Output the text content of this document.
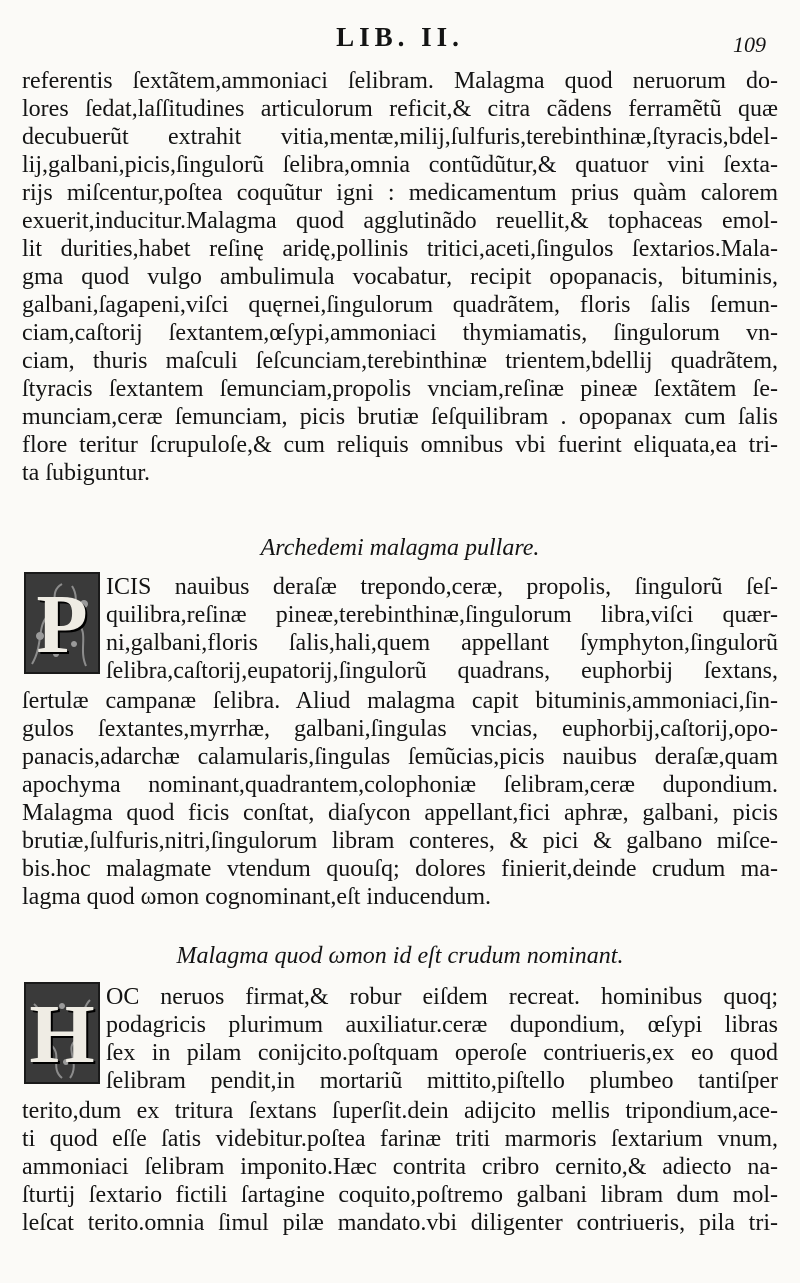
LIB. II.	109

referentis ſextãtem,ammoniaci ſelibram. Malagma quod neruorum do-

lores ſedat,laſſitudines articulorum reficit,& citra cãdens ferramẽtũ quæ

decubuerũt extrahit vitia,mentæ,milij,ſulfuris,terebinthinæ,ſtyracis,bdel-

lij,galbani,picis,ſingulorũ ſelibra,omnia contũdũtur,& quatuor vini ſexta-

rijs miſcentur,poſtea coquũtur igni : medicamentum prius quàm calorem

exuerit,inducitur.Malagma quod agglutinãdo reuellit,& tophaceas emol-

lit durities,habet reſinę aridę,pollinis tritici,aceti,ſingulos ſextarios.Mala-

gma quod vulgo ambulimula vocabatur, recipit opopanacis, bituminis,

galbani,ſagapeni,viſci quęrnei,ſingulorum quadrãtem, floris ſalis ſemun-

ciam,caſtorij ſextantem,œſypi,ammoniaci thymiamatis, ſingulorum vn-

ciam, thuris maſculi ſeſcunciam,terebinthinæ trientem,bdellij quadrãtem,

ſtyracis ſextantem ſemunciam,propolis vnciam,reſinæ pineæ ſextãtem ſe-

munciam,ceræ ſemunciam, picis brutiæ ſeſquilibram . opopanax cum ſalis

flore teritur ſcrupuloſe,& cum reliquis omnibus vbi fuerint eliquata,ea tri-

ta ſubiguntur.

Archedemi malagma pullare.
P ICIS nauibus deraſæ trepondo,ceræ, propolis, ſingulorũ ſeſ-

quilibra,reſinæ pineæ,terebinthinæ,ſingulorum libra,viſci quær-

ni,galbani,floris ſalis,hali,quem appellant ſymphyton,ſingulorũ

ſelibra,caſtorij,eupatorij,ſingulorũ quadrans, euphorbij ſextans,

ſertulæ campanæ ſelibra. Aliud malagma capit bituminis,ammoniaci,ſin-

gulos ſextantes,myrrhæ, galbani,ſingulas vncias, euphorbij,caſtorij,opo-

panacis,adarchæ calamularis,ſingulas ſemũcias,picis nauibus deraſæ,quam

apochyma nominant,quadrantem,colophoniæ ſelibram,ceræ dupondium.

Malagma quod ficis conſtat, diaſycon appellant,fici aphræ, galbani, picis

brutiæ,ſulfuris,nitri,ſingulorum libram conteres, & pici & galbano miſce-

bis.hoc malagmate vtendum quouſq; dolores finierit,deinde crudum ma-

lagma quod ωmon cognominant,eſt inducendum.

Malagma quod ωmon id eſt crudum nominant.
H OC neruos firmat,& robur eiſdem recreat. hominibus quoq;

podagricis plurimum auxiliatur.ceræ dupondium, œſypi libras

ſex in pilam conijcito.poſtquam operoſe contriueris,ex eo quod

ſelibram pendit,in mortariũ mittito,piſtello plumbeo tantiſper

terito,dum ex tritura ſextans ſuperſit.dein adijcito mellis tripondium,ace-

ti quod eſſe ſatis videbitur.poſtea farinæ triti marmoris ſextarium vnum,

ammoniaci ſelibram imponito.Hæc contrita cribro cernito,& adiecto na-

ſturtij ſextario fictili ſartagine coquito,poſtremo galbani libram dum mol-

leſcat terito.omnia ſimul pilæ mandato.vbi diligenter contriueris, pila tri-
